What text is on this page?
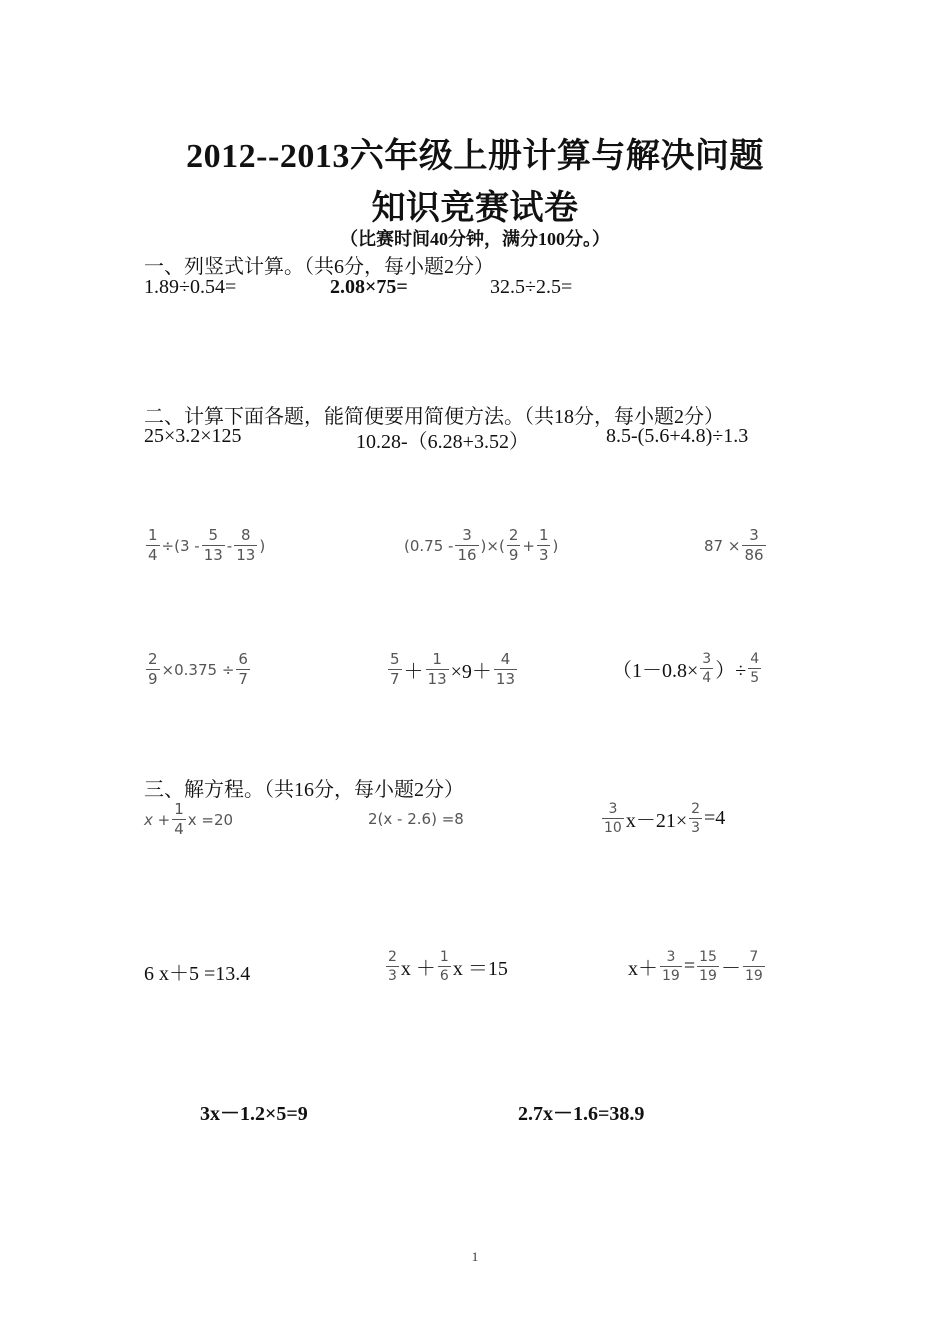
2012--2013六年级上册计算与解决问题
知识竞赛试卷
（比赛时间40分钟，满分100分。）
一、列竖式计算。（共6分，每小题2分）
1.89÷0.54=	2.08×75=	32.5÷2.5=
二、计算下面各题，能简便要用简便方法。（共18分，每小题2分）
25×3.2×125	10.28-（6.28+3.52）	8.5-(5.6+4.8)÷1.3
$\frac{1}{4} \div(3 - \frac{5}{13} - \frac{8}{13}$ )	($0.75 - \frac{3}{16}$ )×( $\frac{2}{9} + \frac{1}{3}$ )	$87 \times \frac{3}{86}$
$\frac{2}{9} \times 0.375 \div \frac{6}{7}$	$\frac{5}{7} + \frac{1}{13} \times 9+ \frac{4}{13}$	（$1-0.8\times \frac{3}{4}$ ）÷ $\frac{4}{5}$
三、解方程。（共16分，每小题2分）
$x + \frac{1}{4}$ x =20	2(x - 2.6) =8	$\frac{3}{10} x-21\times \frac{2}{3} =4$
6 x＋5 =13.4	$\frac{2}{3}$ $x + \frac{1}{6}$ x ＝15	$x+ \frac{3}{19} = \frac{15}{19} - \frac{7}{19}$
3x－1.2×5=9	2.7x－1.6=38.9
1
